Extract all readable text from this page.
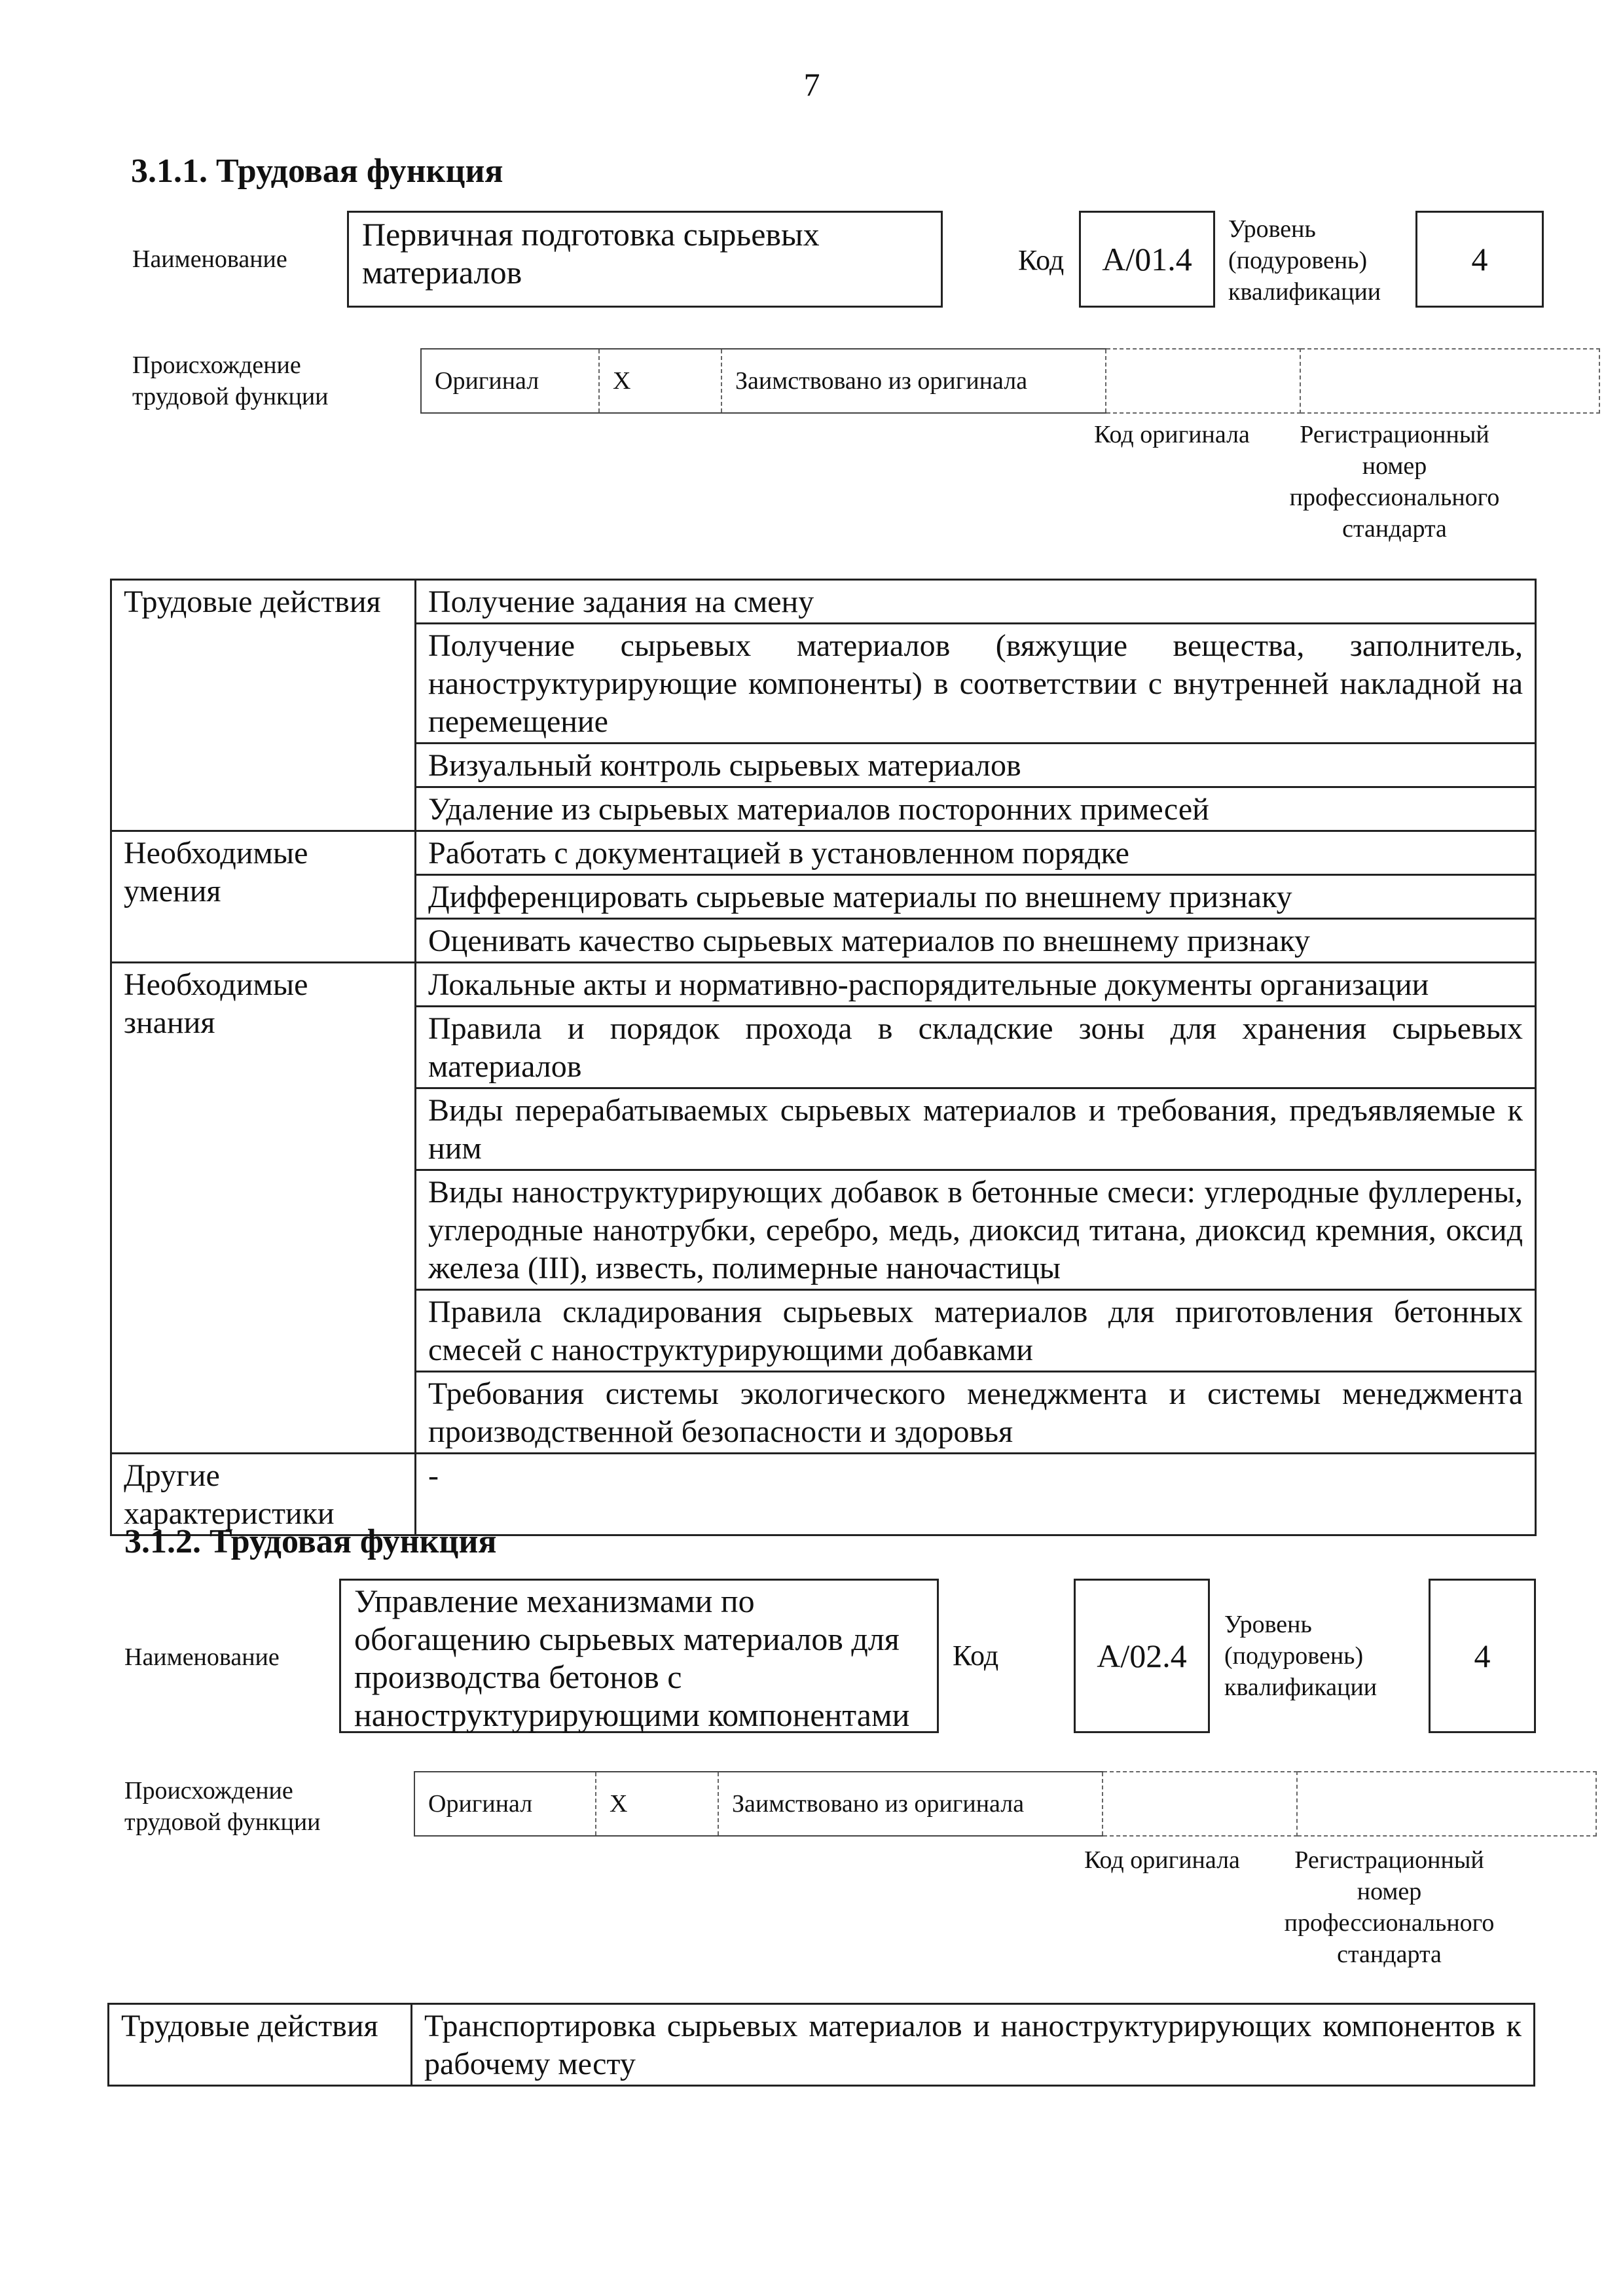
7
3.1.1. Трудовая функция
Наименование
Первичная подготовка сырьевых материалов	Код	A/01.4
Уровень (подуровень) квалификации
4
Происхождение трудовой функции
Оригинал	X	Заимствовано из оригинала		
Код оригинала	Регистрационный номер профессионального стандарта
Трудовые действия	Получение задания на смену
	Получение сырьевых материалов (вяжущие вещества, заполнитель, наноструктурирующие компоненты) в соответствии с внутренней накладной на перемещение
	Визуальный контроль сырьевых материалов
	Удаление из сырьевых материалов посторонних примесей
Необходимые умения	Работать с документацией в установленном порядке
	Дифференцировать сырьевые материалы по внешнему признаку
	Оценивать качество сырьевых материалов по внешнему признаку
Необходимые знания	Локальные акты и нормативно-распорядительные документы организации
	Правила и порядок прохода в складские зоны для хранения сырьевых материалов
	Виды перерабатываемых сырьевых материалов и требования, предъявляемые к ним
	Виды наноструктурирующих добавок в бетонные смеси: углеродные фуллерены, углеродные нанотрубки, серебро, медь, диоксид титана, диоксид кремния, оксид железа (III), известь, полимерные наночастицы
	Правила складирования сырьевых материалов для приготовления бетонных смесей с наноструктурирующими добавками
	Требования системы экологического менеджмента и системы менеджмента производственной безопасности и здоровья
Другие характеристики	-
3.1.2. Трудовая функция
Наименование
Управление механизмами по обогащению сырьевых материалов для производства бетонов с наноструктурирующими компонентами
Код	A/02.4
Уровень (подуровень) квалификации
4
Происхождение трудовой функции
Оригинал	X	Заимствовано из оригинала		
Код оригинала	Регистрационный номер профессионального стандарта
Трудовые действия	Транспортировка сырьевых материалов и наноструктурирующих компонентов к рабочему месту
